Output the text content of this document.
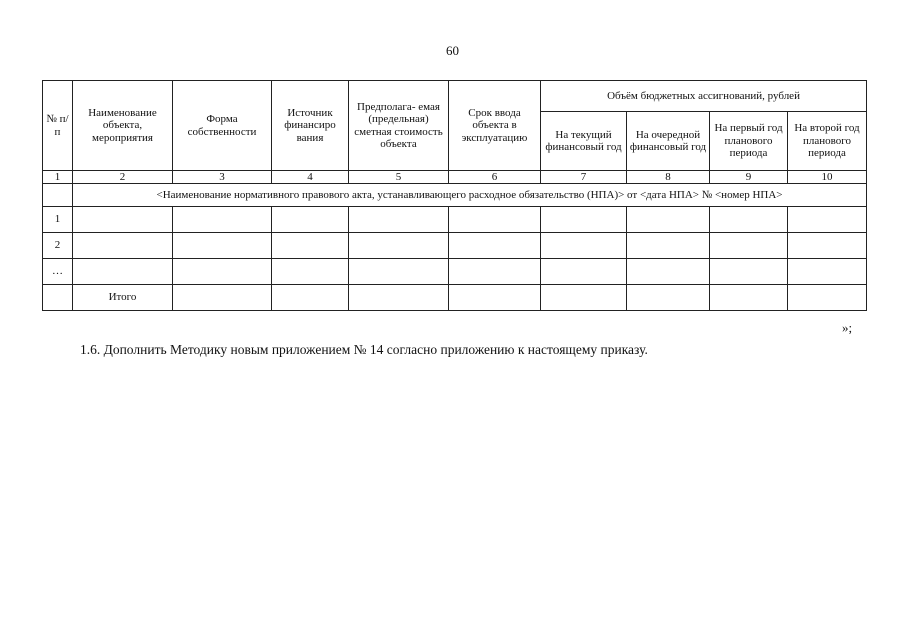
60
№ п/п	Наименование объекта, мероприятия	Форма собственности	Источник финансиро вания	Предполага- емая (предельная) сметная стоимость объекта	Срок ввода объекта в эксплуатацию	Объём бюджетных ассигнований, рублей			
						На текущий финансовый год	На очередной финансовый год	На первый год планового периода	На второй год планового периода
1	2	3	4	5	6	7	8	9	10
	<Наименование нормативного правового акта, устанавливающего расходное обязательство (НПА)> от <дата НПА> № <номер НПА>								
1									
2									
…									
	Итого								
»;
1.6. Дополнить Методику новым приложением № 14 согласно приложению к настоящему приказу.
